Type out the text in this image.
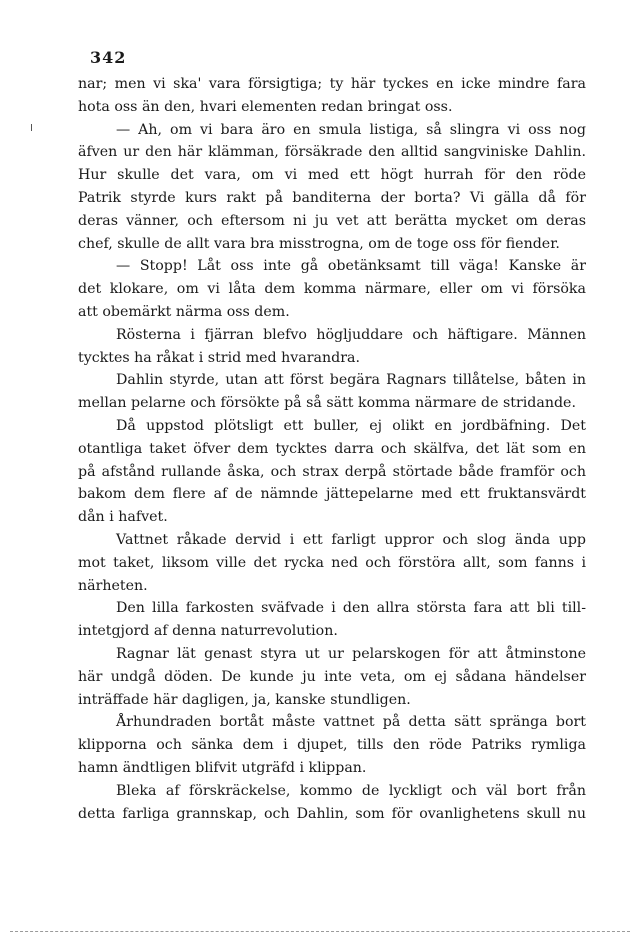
342
nar; men vi ska' vara försigtiga; ty här tyckes en icke mindre fara
hota oss än den, hvari elementen redan bringat oss.
— Ah, om vi bara äro en smula listiga, så slingra vi oss nog
äfven ur den här klämman, försäkrade den alltid sangviniske Dahlin.
Hur skulle det vara, om vi med ett högt hurrah för den röde
Patrik styrde kurs rakt på banditerna der borta? Vi gälla då för
deras vänner, och eftersom ni ju vet att berätta mycket om deras
chef, skulle de allt vara bra misstrogna, om de toge oss för fiender.
— Stopp! Låt oss inte gå obetänksamt till väga! Kanske är
det klokare, om vi låta dem komma närmare, eller om vi försöka
att obemärkt närma oss dem.
Rösterna i fjärran blefvo högljuddare och häftigare. Männen
tycktes ha råkat i strid med hvarandra.
Dahlin styrde, utan att först begära Ragnars tillåtelse, båten in
mellan pelarne och försökte på så sätt komma närmare de stridande.
Då uppstod plötsligt ett buller, ej olikt en jordbäfning. Det
otantliga taket öfver dem tycktes darra och skälfva, det lät som en
på afstånd rullande åska, och strax derpå störtade både framför och
bakom dem flere af de nämnde jättepelarne med ett fruktansvärdt
dån i hafvet.
Vattnet råkade dervid i ett farligt uppror och slog ända upp
mot taket, liksom ville det rycka ned och förstöra allt, som fanns i
närheten.
Den lilla farkosten sväfvade i den allra största fara att bli till-
intetgjord af denna naturrevolution.
Ragnar lät genast styra ut ur pelarskogen för att åtminstone
här undgå döden. De kunde ju inte veta, om ej sådana händelser
inträffade här dagligen, ja, kanske stundligen.
Århundraden bortåt måste vattnet på detta sätt spränga bort
klipporna och sänka dem i djupet, tills den röde Patriks rymliga
hamn ändtligen blifvit utgräfd i klippan.
Bleka af förskräckelse, kommo de lyckligt och väl bort från
detta farliga grannskap, och Dahlin, som för ovanlighetens skull nu
